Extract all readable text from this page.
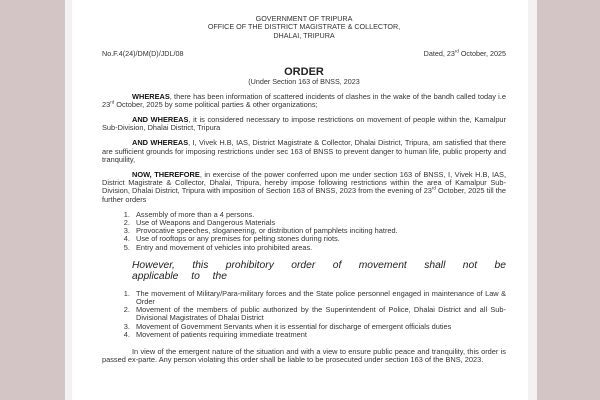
GOVERNMENT OF TRIPURA
OFFICE OF THE DISTRICT MAGISTRATE & COLLECTOR,
DHALAI, TRIPURA
No.F.4(24)/DM(D)/JDL/08	Dated, 23rd October, 2025
ORDER
(Under Section 163 of BNSS, 2023
WHEREAS, there has been information of scattered incidents of clashes in the wake of the bandh called today i.e 23rd October, 2025 by some political parties & other organizations;
AND WHEREAS, it is considered necessary to impose restrictions on movement of people within the, Kamalpur Sub-Division, Dhalai District, Tripura
AND WHEREAS, I, Vivek H.B, IAS, District Magistrate & Collector, Dhalai District, Tripura, am satisfied that there are sufficient grounds for imposing restrictions under sec 163 of BNSS to prevent danger to human life, public property and tranquility,
NOW, THEREFORE, in exercise of the power conferred upon me under section 163 of BNSS, I, Vivek H.B, IAS, District Magistrate & Collector, Dhalai, Tripura, hereby impose following restrictions within the area of Kamalpur Sub-Division, Dhalai District, Tripura with imposition of Section 163 of BNSS, 2023 from the evening of 23rd October, 2025 till the further orders
1. Assembly of more than a 4 persons.
2. Use of Weapons and Dangerous Materials
3. Provocative speeches, sloganeering, or distribution of pamphlets inciting hatred.
4. Use of rooftops or any premises for pelting stones during riots.
5. Entry and movement of vehicles into prohibited areas.
However, this prohibitory order of movement shall not be applicable to the
1. The movement of Military/Para-military forces and the State police personnel engaged in maintenance of Law & Order
2. Movement of the members of public authorized by the Superintendent of Police, Dhalai District and all Sub-Divisional Magistrates of Dhalai District
3. Movement of Government Servants when it is essential for discharge of emergent officials duties
4. Movement of patients requiring immediate treatment
In view of the emergent nature of the situation and with a view to ensure public peace and tranquility, this order is passed ex-parte. Any person violating this order shall be liable to be prosecuted under section 163 of the BNS, 2023.
